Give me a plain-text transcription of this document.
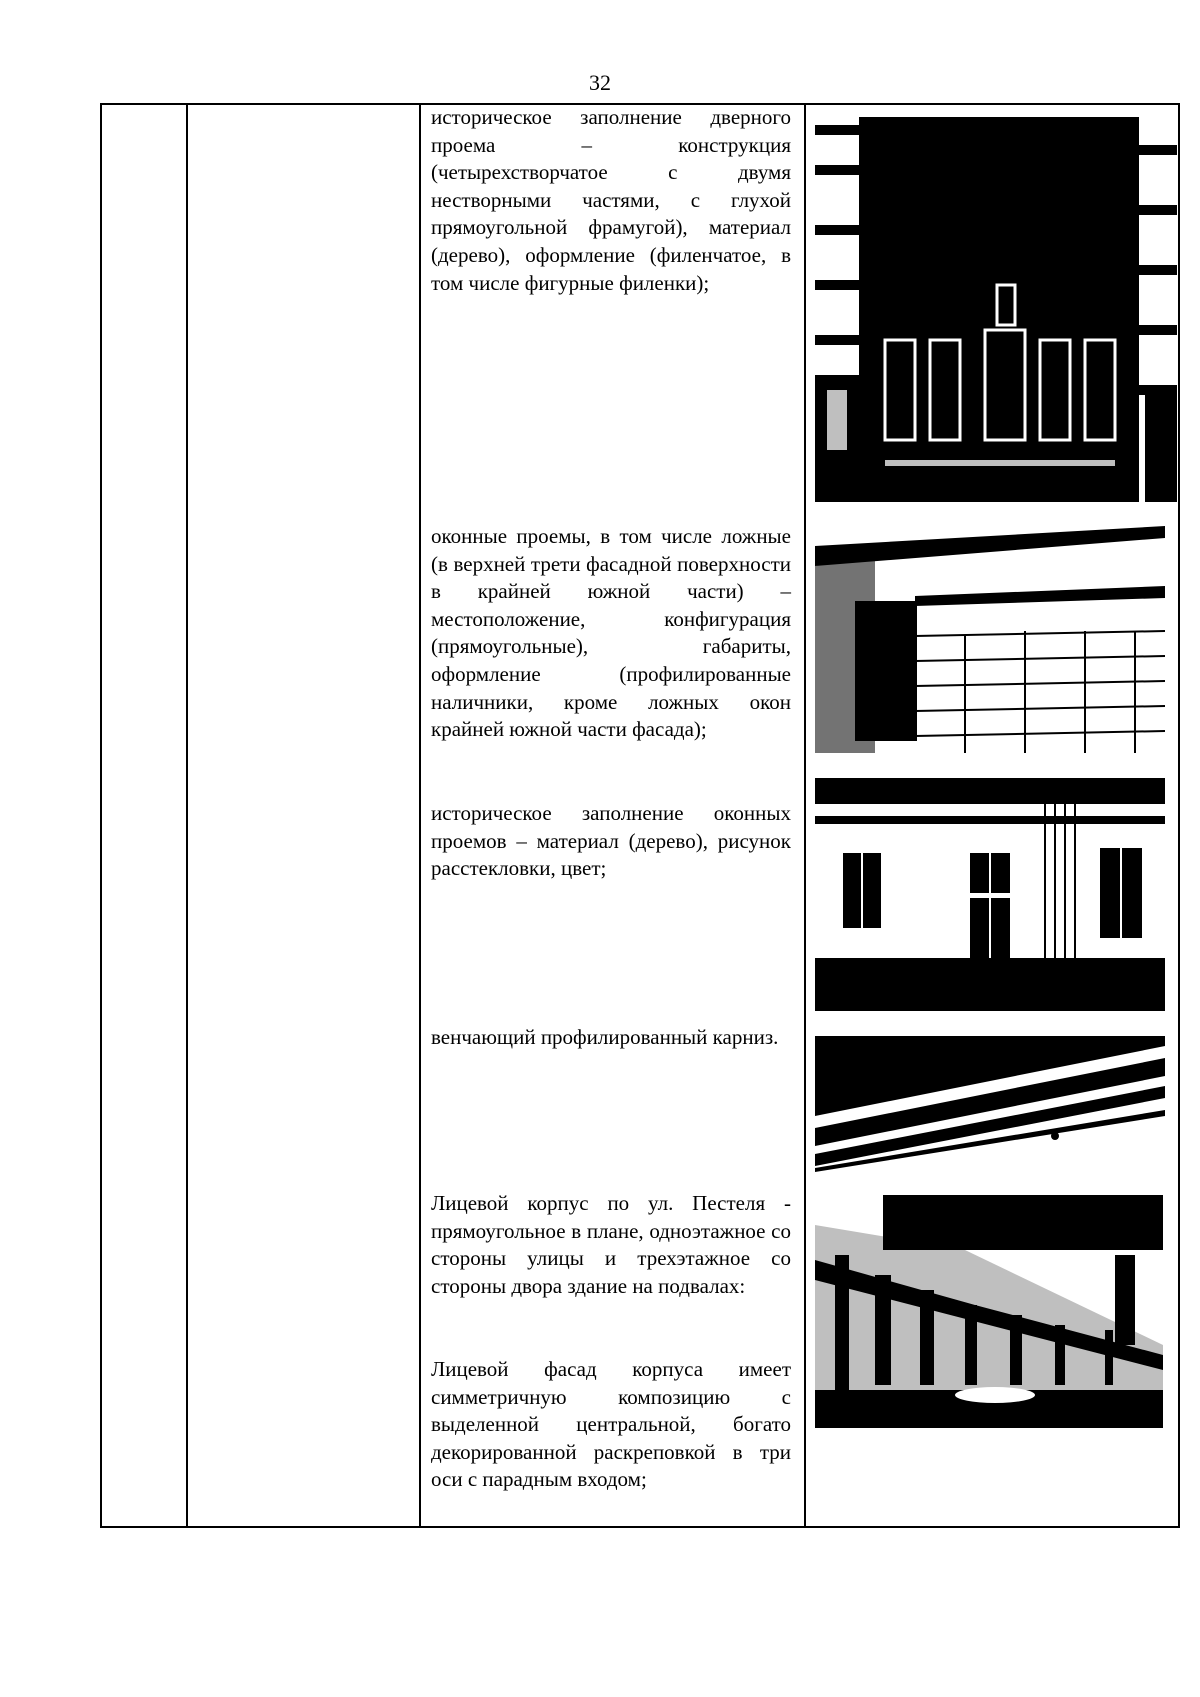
32
историческое заполнение дверного проема – конструкция (четырехстворчатое с двумя нестворными частями, с глухой прямоугольной фрамугой), материал (дерево), оформление (филенчатое, в том числе фигурные филенки);
оконные проемы, в том числе ложные (в верхней трети фасадной поверхности в крайней южной части) – местоположение, конфигурация (прямоугольные), габариты, оформление (профилированные наличники, кроме ложных окон крайней южной части фасада);
историческое заполнение оконных проемов – материал (дерево), рисунок расстекловки, цвет;
венчающий профилированный карниз.
Лицевой корпус по ул. Пестеля - прямоугольное в плане, одноэтажное со стороны улицы и трехэтажное со стороны двора здание на подвалах:
Лицевой фасад корпуса имеет симметричную композицию с выделенной центральной, богато декорированной раскреповкой в три оси с парадным входом;
